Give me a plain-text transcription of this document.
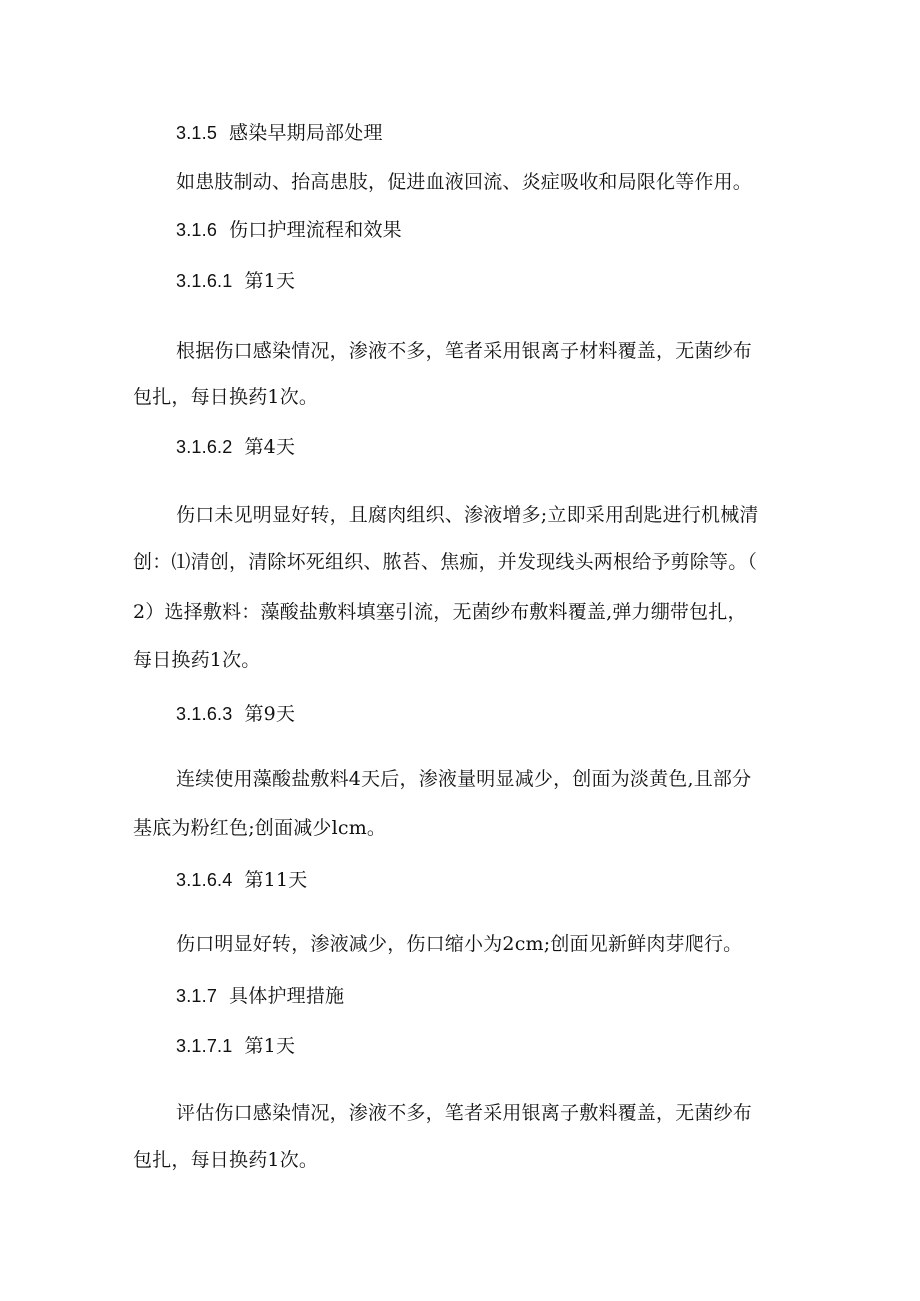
3.1.5 感染早期局部处理
如患肢制动、抬高患肢，促进血液回流、炎症吸收和局限化等作用。
3.1.6 伤口护理流程和效果
3.1.6.1 第1天
根据伤口感染情况，渗液不多，笔者采用银离子材料覆盖，无菌纱布
包扎，每日换药1次。
3.1.6.2 第4天
伤口未见明显好转，且腐肉组织、渗液增多;立即采用刮匙进行机械清
创：⑴清创，清除坏死组织、脓苔、焦痂，并发现线头两根给予剪除等。（
2）选择敷料：藻酸盐敷料填塞引流，无菌纱布敷料覆盖,弹力绷带包扎，
每日换药1次。
3.1.6.3 第9天
连续使用藻酸盐敷料4天后，渗液量明显减少，创面为淡黄色,且部分
基底为粉红色;创面减少lcm。
3.1.6.4 第11天
伤口明显好转，渗液减少，伤口缩小为2cm;创面见新鲜肉芽爬行。
3.1.7 具体护理措施
3.1.7.1 第1天
评估伤口感染情况，渗液不多，笔者采用银离子敷料覆盖，无菌纱布
包扎，每日换药1次。
